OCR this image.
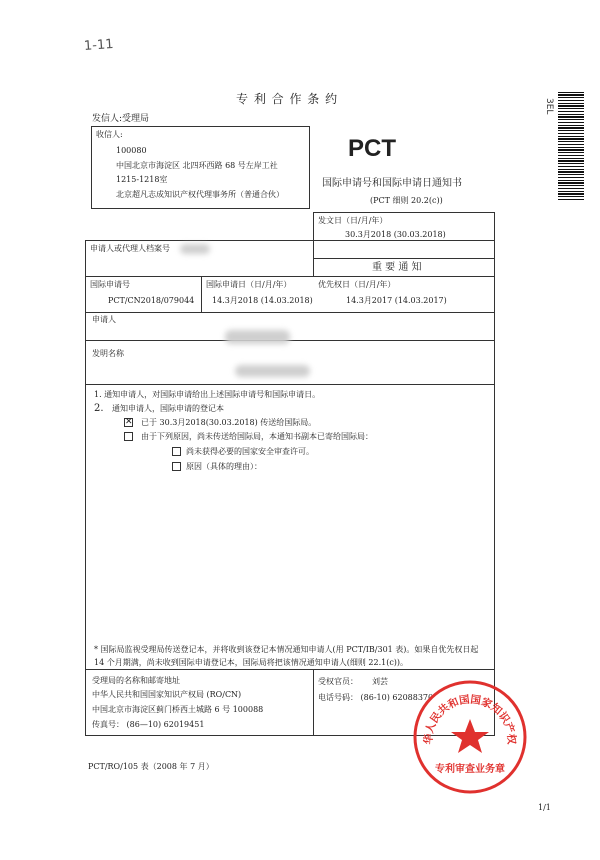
1-11
3EL
专 利 合 作 条 约
发信人:受理局
收信人:
100080
中国北京市海淀区 北四环西路 68 号左岸工社
1215-1218室
北京超凡志成知识产权代理事务所（普通合伙）
PCT
国际申请号和国际申请日通知书
(PCT 细则 20.2(c))
发文日（日/月/年）
30.3月2018 (30.03.2018)
申请人或代理人档案号
重 要 通 知
国际申请号
PCT/CN2018/079044
国际申请日（日/月/年）
14.3月2018 (14.03.2018)
优先权日（日/月/年）
14.3月2017 (14.03.2017)
申请人
发明名称
1. 通知申请人，对国际申请给出上述国际申请号和国际申请日。
2. 通知申请人，国际申请的登记本
✕ 已于 30.3月2018(30.03.2018) 传送给国际局。
由于下列原因，尚未传送给国际局，本通知书副本已寄给国际局：
尚未获得必要的国家安全审查许可。
原因（具体的理由）：
* 国际局监视受理局传送登记本，并将收到该登记本情况通知申请人(用 PCT/IB/301 表)。如果自优先权日起
14 个月期满，尚未收到国际申请登记本，国际局将把该情况通知申请人(细则 22.1(c))。
受理局的名称和邮寄地址
中华人民共和国国家知识产权局 (RO/CN)
中国北京市海淀区蓟门桥西土城路 6 号 100088
传真号： (86—10) 62019451
受权官员： 刘芸
电话号码： (86-10) 62088370
华人民共和国国家知识产权
专利审查业务章
PCT/RO/105 表（2008 年 7 月）
1/1
